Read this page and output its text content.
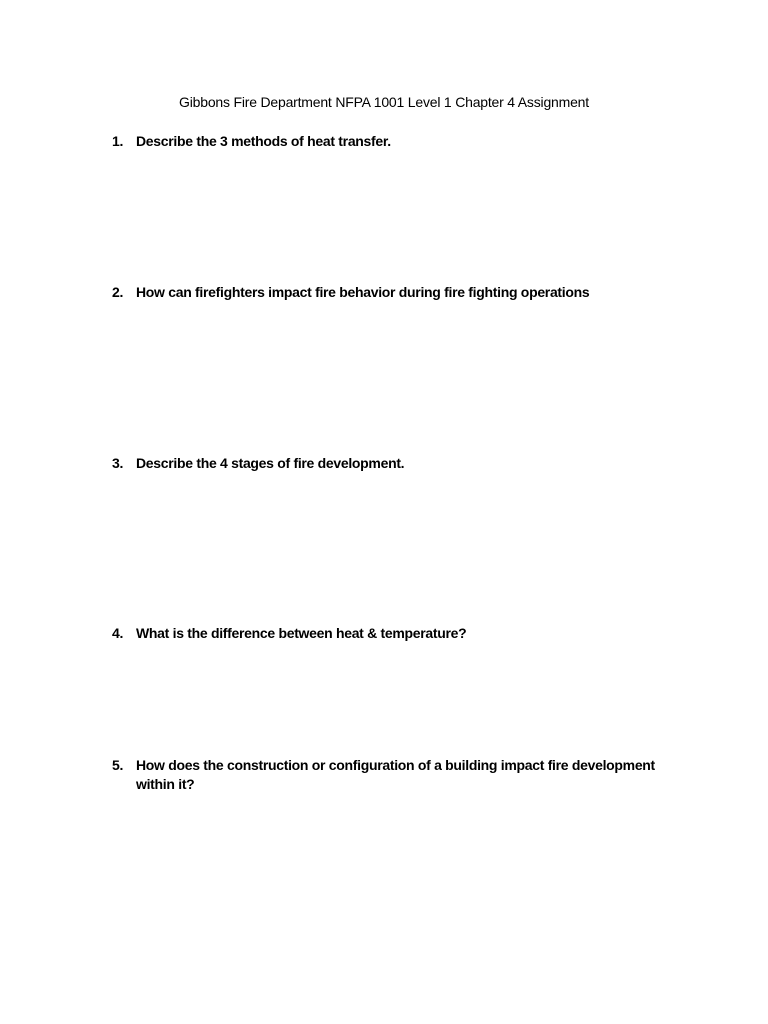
Gibbons Fire Department NFPA 1001 Level 1 Chapter 4 Assignment
1. Describe the 3 methods of heat transfer.
2. How can firefighters impact fire behavior during fire fighting operations
3. Describe the 4 stages of fire development.
4. What is the difference between heat & temperature?
5. How does the construction or configuration of a building impact fire development within it?
